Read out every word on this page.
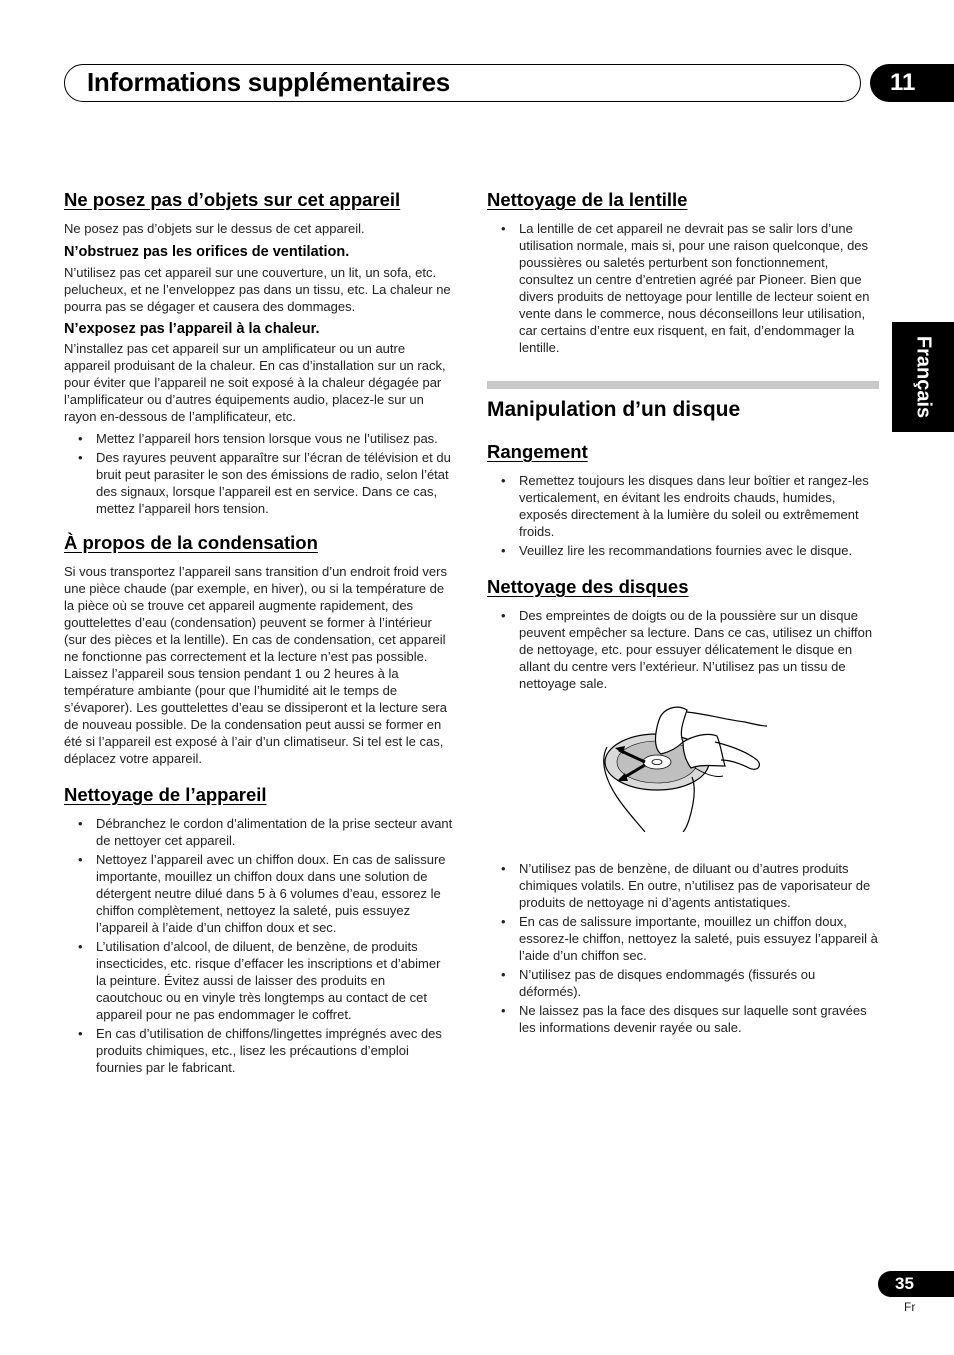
Informations supplémentaires	11
Français
Ne posez pas d’objets sur cet appareil

Ne posez pas d’objets sur le dessus de cet appareil.

N’obstruez pas les orifices de ventilation.

N’utilisez pas cet appareil sur une couverture, un lit, un sofa, etc. pelucheux, et ne l’enveloppez pas dans un tissu, etc. La chaleur ne pourra pas se dégager et causera des dommages.

N’exposez pas l’appareil à la chaleur.

N’installez pas cet appareil sur un amplificateur ou un autre appareil produisant de la chaleur. En cas d’installation sur un rack, pour éviter que l’appareil ne soit exposé à la chaleur dégagée par l’amplificateur ou d’autres équipements audio, placez-le sur un rayon en-dessous de l’amplificateur, etc.

• Mettez l’appareil hors tension lorsque vous ne l’utilisez pas.
• Des rayures peuvent apparaître sur l’écran de télévision et du bruit peut parasiter le son des émissions de radio, selon l’état des signaux, lorsque l’appareil est en service. Dans ce cas, mettez l’appareil hors tension.
À propos de la condensation

Si vous transportez l’appareil sans transition d’un endroit froid vers une pièce chaude (par exemple, en hiver), ou si la température de la pièce où se trouve cet appareil augmente rapidement, des gouttelettes d’eau (condensation) peuvent se former à l’intérieur (sur des pièces et la lentille). En cas de condensation, cet appareil ne fonctionne pas correctement et la lecture n’est pas possible. Laissez l’appareil sous tension pendant 1 ou 2 heures à la température ambiante (pour que l’humidité ait le temps de s’évaporer). Les gouttelettes d’eau se dissiperont et la lecture sera de nouveau possible. De la condensation peut aussi se former en été si l’appareil est exposé à l’air d’un climatiseur. Si tel est le cas, déplacez votre appareil.

Nettoyage de l’appareil
• Débranchez le cordon d’alimentation de la prise secteur avant de nettoyer cet appareil.
• Nettoyez l’appareil avec un chiffon doux. En cas de salissure importante, mouillez un chiffon doux dans une solution de détergent neutre dilué dans 5 à 6 volumes d’eau, essorez le chiffon complètement, nettoyez la saleté, puis essuyez l’appareil à l’aide d’un chiffon doux et sec.
• L’utilisation d’alcool, de diluent, de benzène, de produits insecticides, etc. risque d’effacer les inscriptions et d’abimer la peinture. Évitez aussi de laisser des produits en caoutchouc ou en vinyle très longtemps au contact de cet appareil pour ne pas endommager le coffret.
• En cas d’utilisation de chiffons/lingettes imprégnés avec des produits chimiques, etc., lisez les précautions d’emploi fournies par le fabricant.
Nettoyage de la lentille
• La lentille de cet appareil ne devrait pas se salir lors d’une utilisation normale, mais si, pour une raison quelconque, des poussières ou saletés perturbent son fonctionnement, consultez un centre d’entretien agréé par Pioneer. Bien que divers produits de nettoyage pour lentille de lecteur soient en vente dans le commerce, nous déconseillons leur utilisation, car certains d’entre eux risquent, en fait, d’endommager la lentille.
Manipulation d’un disque
Rangement
• Remettez toujours les disques dans leur boîtier et rangez-les verticalement, en évitant les endroits chauds, humides, exposés directement à la lumière du soleil ou extrêmement froids.
• Veuillez lire les recommandations fournies avec le disque.
Nettoyage des disques
• Des empreintes de doigts ou de la poussière sur un disque peuvent empêcher sa lecture. Dans ce cas, utilisez un chiffon de nettoyage, etc. pour essuyer délicatement le disque en allant du centre vers l’extérieur. N’utilisez pas un tissu de nettoyage sale.
• N’utilisez pas de benzène, de diluant ou d’autres produits chimiques volatils. En outre, n’utilisez pas de vaporisateur de produits de nettoyage ni d’agents antistatiques.
• En cas de salissure importante, mouillez un chiffon doux, essorez-le chiffon, nettoyez la saleté, puis essuyez l’appareil à l’aide d’un chiffon sec.
• N’utilisez pas de disques endommagés (fissurés ou déformés).
• Ne laissez pas la face des disques sur laquelle sont gravées les informations devenir rayée ou sale.
35
Fr
